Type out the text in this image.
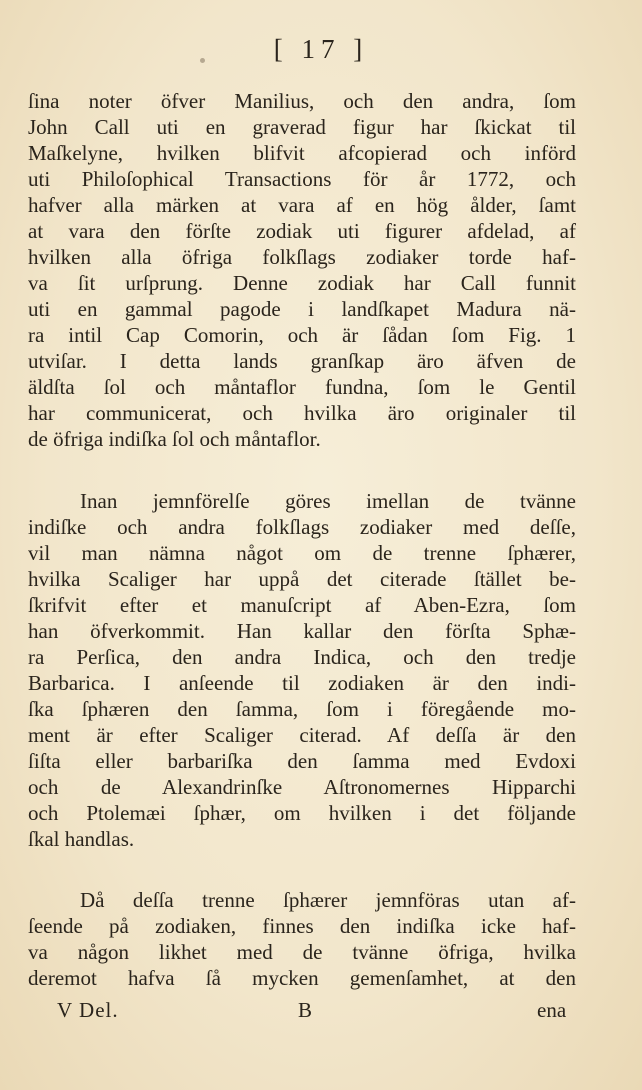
[ 17 ]
ſina noter öfver Manilius, och den andra, ſom
John Call uti en graverad figur har ſkickat til
Maſkelyne, hvilken blifvit afcopierad och införd
uti Philoſophical Transactions för år 1772, och
hafver alla märken at vara af en hög ålder, ſamt
at vara den förſte zodiak uti figurer afdelad, af
hvilken alla öfriga folkſlags zodiaker torde haf-
va ſit urſprung. Denne zodiak har Call funnit
uti en gammal pagode i landſkapet Madura nä-
ra intil Cap Comorin, och är ſådan ſom Fig. 1
utviſar. I detta lands granſkap äro äfven de
äldſta ſol och måntaflor fundna, ſom le Gentil
har communicerat, och hvilka äro originaler til
de öfriga indiſka ſol och måntaflor.
Inan jemnförelſe göres imellan de tvänne
indiſke och andra folkſlags zodiaker med deſſe,
vil man nämna något om de trenne ſphærer,
hvilka Scaliger har uppå det citerade ſtället be-
ſkrifvit efter et manuſcript af Aben-Ezra, ſom
han öfverkommit. Han kallar den förſta Sphæ-
ra Perſica, den andra Indica, och den tredje
Barbarica. I anſeende til zodiaken är den indi-
ſka ſphæren den ſamma, ſom i föregående mo-
ment är efter Scaliger citerad. Af deſſa är den
ſiſta eller barbariſka den ſamma med Evdoxi
och de Alexandrinſke Aſtronomernes Hipparchi
och Ptolemæi ſphær, om hvilken i det följande
ſkal handlas.
Då deſſa trenne ſphærer jemnföras utan af-
ſeende på zodiaken, finnes den indiſka icke haf-
va någon likhet med de tvänne öfriga, hvilka
deremot hafva ſå mycken gemenſamhet, at den
V Del.	B	ena
